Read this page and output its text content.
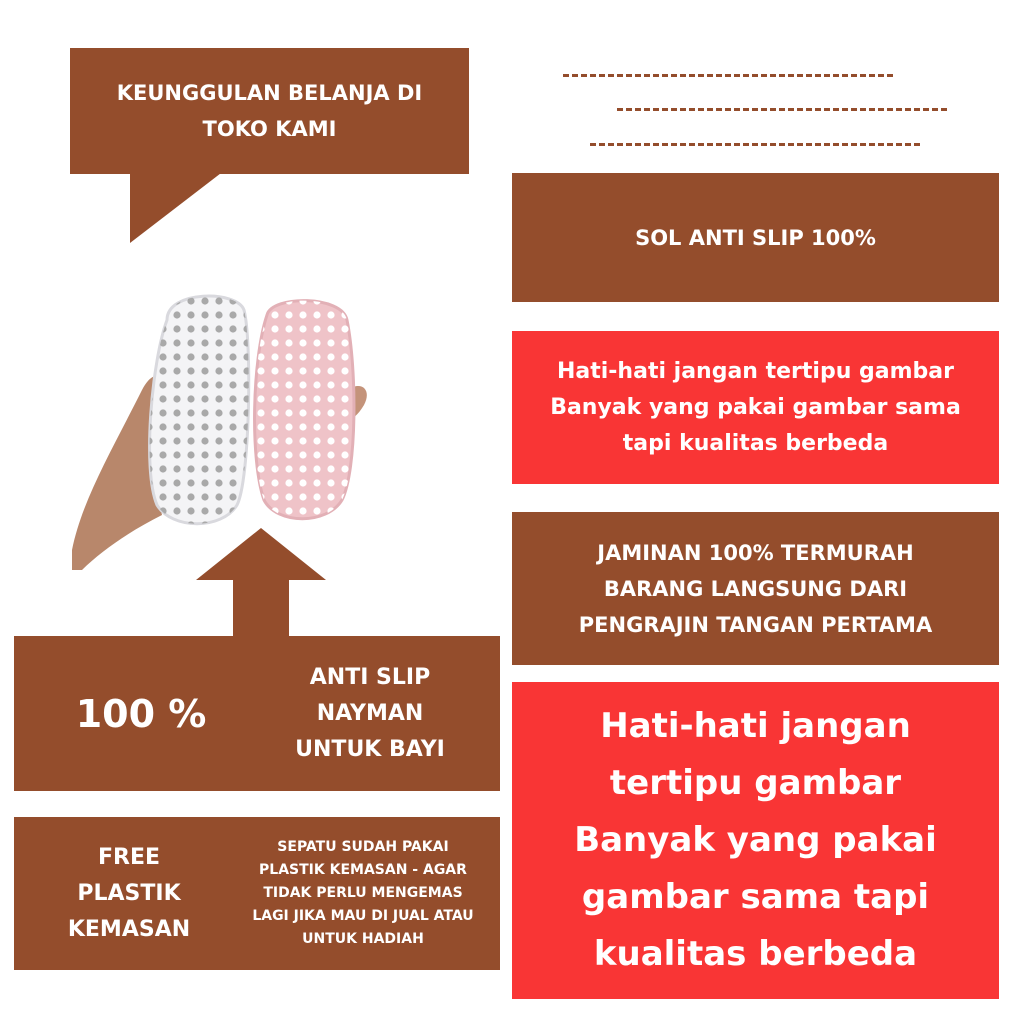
KEUNGGULAN BELANJA DI
TOKO KAMI
SOL ANTI SLIP 100%
Hati-hati jangan tertipu gambar
Banyak yang pakai gambar sama
tapi kualitas berbeda
JAMINAN 100% TERMURAH
BARANG LANGSUNG DARI
PENGRAJIN TANGAN PERTAMA
Hati-hati jangan
tertipu gambar
Banyak yang pakai
gambar sama tapi
kualitas berbeda
100 %
ANTI SLIP
NAYMAN
UNTUK BAYI
FREE
PLASTIK
KEMASAN
SEPATU SUDAH PAKAI
PLASTIK KEMASAN - AGAR
TIDAK PERLU MENGEMAS
LAGI JIKA MAU DI JUAL ATAU
UNTUK HADIAH
